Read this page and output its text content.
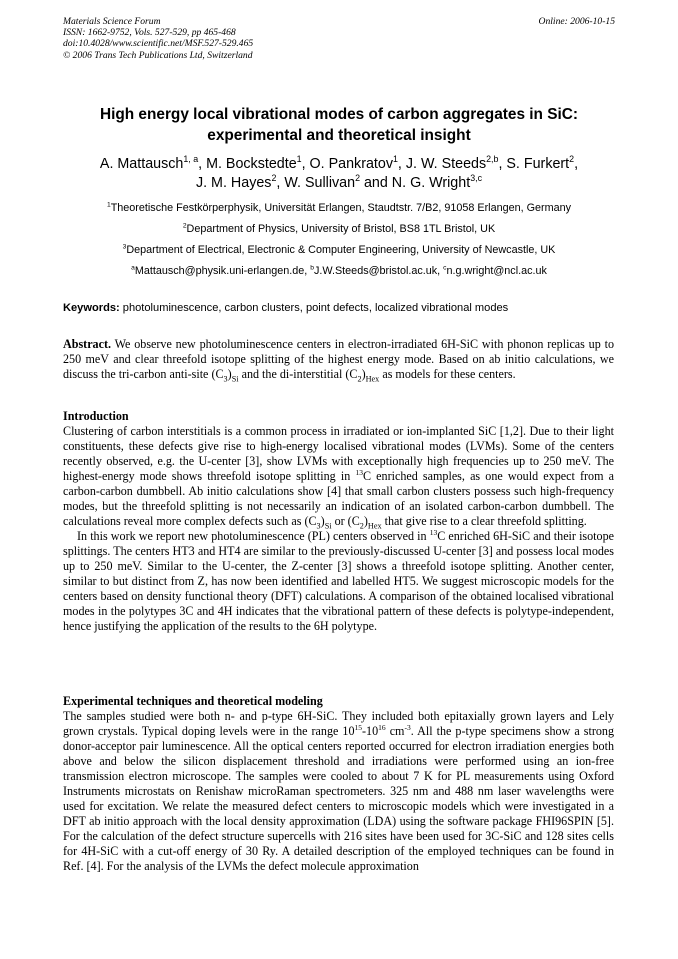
Materials Science Forum
ISSN: 1662-9752, Vols. 527-529, pp 465-468
doi:10.4028/www.scientific.net/MSF.527-529.465
© 2006 Trans Tech Publications Ltd, Switzerland
Online: 2006-10-15
High energy local vibrational modes of carbon aggregates in SiC:
experimental and theoretical insight
A. Mattausch$^{1, a}$, M. Bockstedte$^1$, O. Pankratov$^1$, J. W. Steeds$^{2,b}$, S. Furkert$^2$,
J. M. Hayes$^2$, W. Sullivan$^2$ and N. G. Wright$^{3,c}$
$^1$Theoretische Festkörperphysik, Universität Erlangen, Staudtstr. 7/B2, 91058 Erlangen, Germany
$^2$Department of Physics, University of Bristol, BS8 1TL Bristol, UK
$^3$Department of Electrical, Electronic & Computer Engineering, University of Newcastle, UK
$^a$Mattausch@physik.uni-erlangen.de, $^b$J.W.Steeds@bristol.ac.uk, $^c$n.g.wright@ncl.ac.uk
Keywords: photoluminescence, carbon clusters, point defects, localized vibrational modes

Abstract. We observe new photoluminescence centers in electron-irradiated 6H-SiC with phonon replicas up to 250 meV and clear threefold isotope splitting of the highest energy mode. Based on ab initio calculations, we discuss the tri-carbon anti-site $(C_3)_{Si}$ and the di-interstitial $(C_2)_{Hex}$ as models for these centers.

Introduction

Clustering of carbon interstitials is a common process in irradiated or ion-implanted SiC [1,2]. Due to their light constituents, these defects give rise to high-energy localised vibrational modes (LVMs). Some of the centers recently observed, e.g. the U-center [3], show LVMs with exceptionally high frequencies up to 250 meV. The highest-energy mode shows threefold isotope splitting in $^{13}$C enriched samples, as one would expect from a carbon-carbon dumbbell. Ab initio calculations show [4] that small carbon clusters possess such high-frequency modes, but the threefold splitting is not necessarily an indication of an isolated carbon-carbon dumbbell. The calculations reveal more complex defects such as $(C_3)_{Si}$ or $(C_2)_{Hex}$ that give rise to a clear threefold splitting.

In this work we report new photoluminescence (PL) centers observed in $^{13}$C enriched 6H-SiC and their isotope splittings. The centers HT3 and HT4 are similar to the previously-discussed U-center [3] and possess local modes up to 250 meV. Similar to the U-center, the Z-center [3] shows a threefold isotope splitting. Another center, similar to but distinct from Z, has now been identified and labelled HT5. We suggest microscopic models for the centers based on density functional theory (DFT) calculations. A comparison of the obtained localised vibrational modes in the polytypes 3C and 4H indicates that the vibrational pattern of these defects is polytype-independent, hence justifying the application of the results to the 6H polytype.

Experimental techniques and theoretical modeling

The samples studied were both n- and p-type 6H-SiC. They included both epitaxially grown layers and Lely grown crystals. Typical doping levels were in the range $10^{15}-10^{16}$ $cm^{-3}$. All the p-type specimens show a strong donor-acceptor pair luminescence. All the optical centers reported occurred for electron irradiation energies both above and below the silicon displacement threshold and irradiations were performed using an ion-free transmission electron microscope. The samples were cooled to about 7 K for PL measurements using Oxford Instruments microstats on Renishaw microRaman spectrometers. 325 nm and 488 nm laser wavelengths were used for excitation. We relate the measured defect centers to microscopic models which were investigated in a DFT ab initio approach with the local density approximation (LDA) using the software package FHI96SPIN [5]. For the calculation of the defect structure supercells with 216 sites have been used for 3C-SiC and 128 sites cells for 4H-SiC with a cut-off energy of 30 Ry. A detailed description of the employed techniques can be found in Ref. [4]. For the analysis of the LVMs the defect molecule approximation
